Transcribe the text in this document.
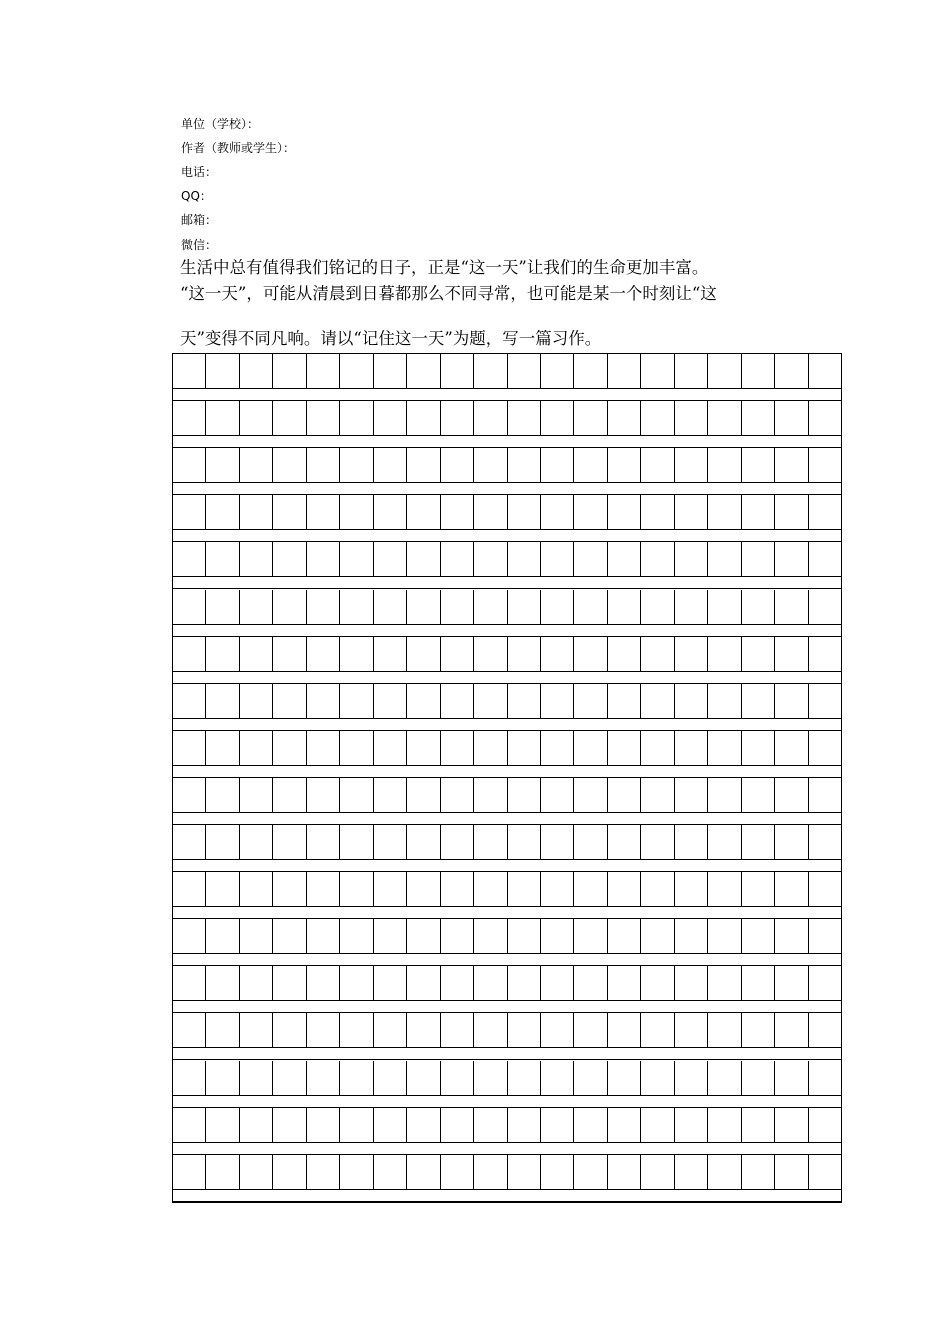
单位（学校）：
作者（教师或学生）：
电话：
QQ：
邮箱：
微信：
生活中总有值得我们铭记的日子，正是“这一天”让我们的生命更加丰富。
“这一天”，可能从清晨到日暮都那么不同寻常，也可能是某一个时刻让“这
天”变得不同凡响。请以“记住这一天”为题，写一篇习作。
